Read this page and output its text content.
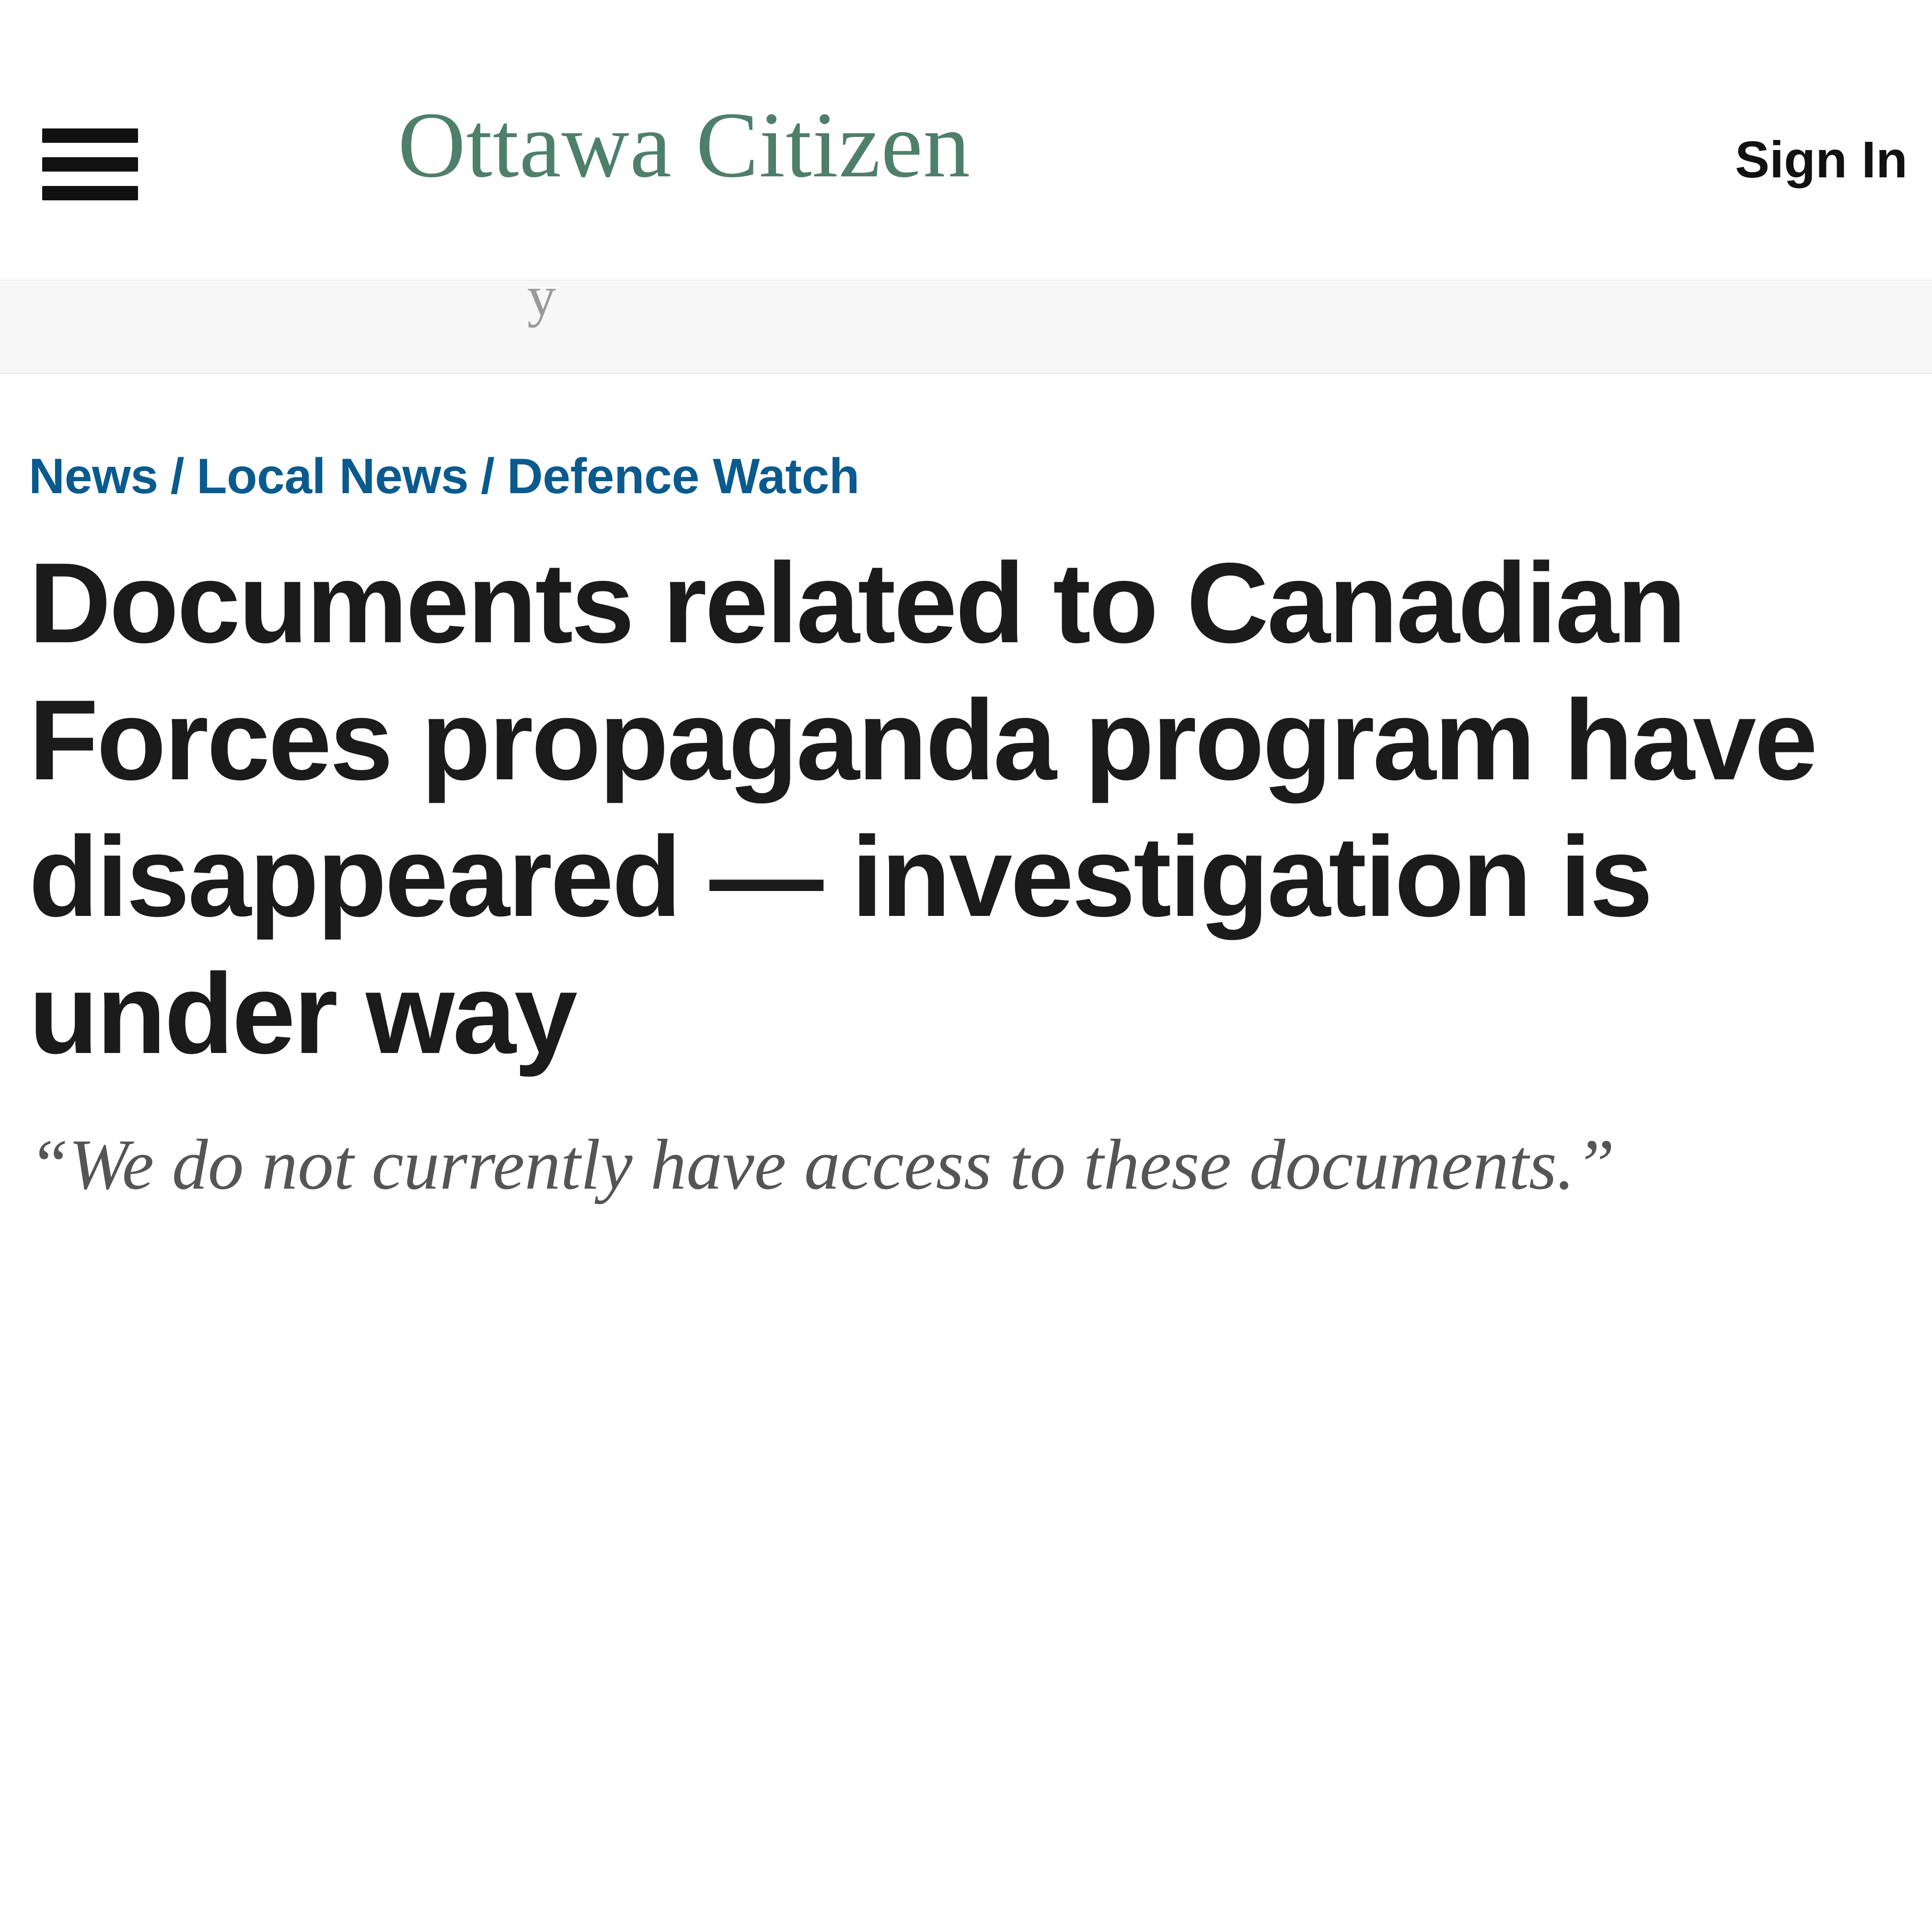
Ottawa Citizen	Sign In
y
News / Local News / Defence Watch
Documents related to Canadian Forces propaganda program have disappeared — investigation is under way
“We do not currently have access to these documents.”
